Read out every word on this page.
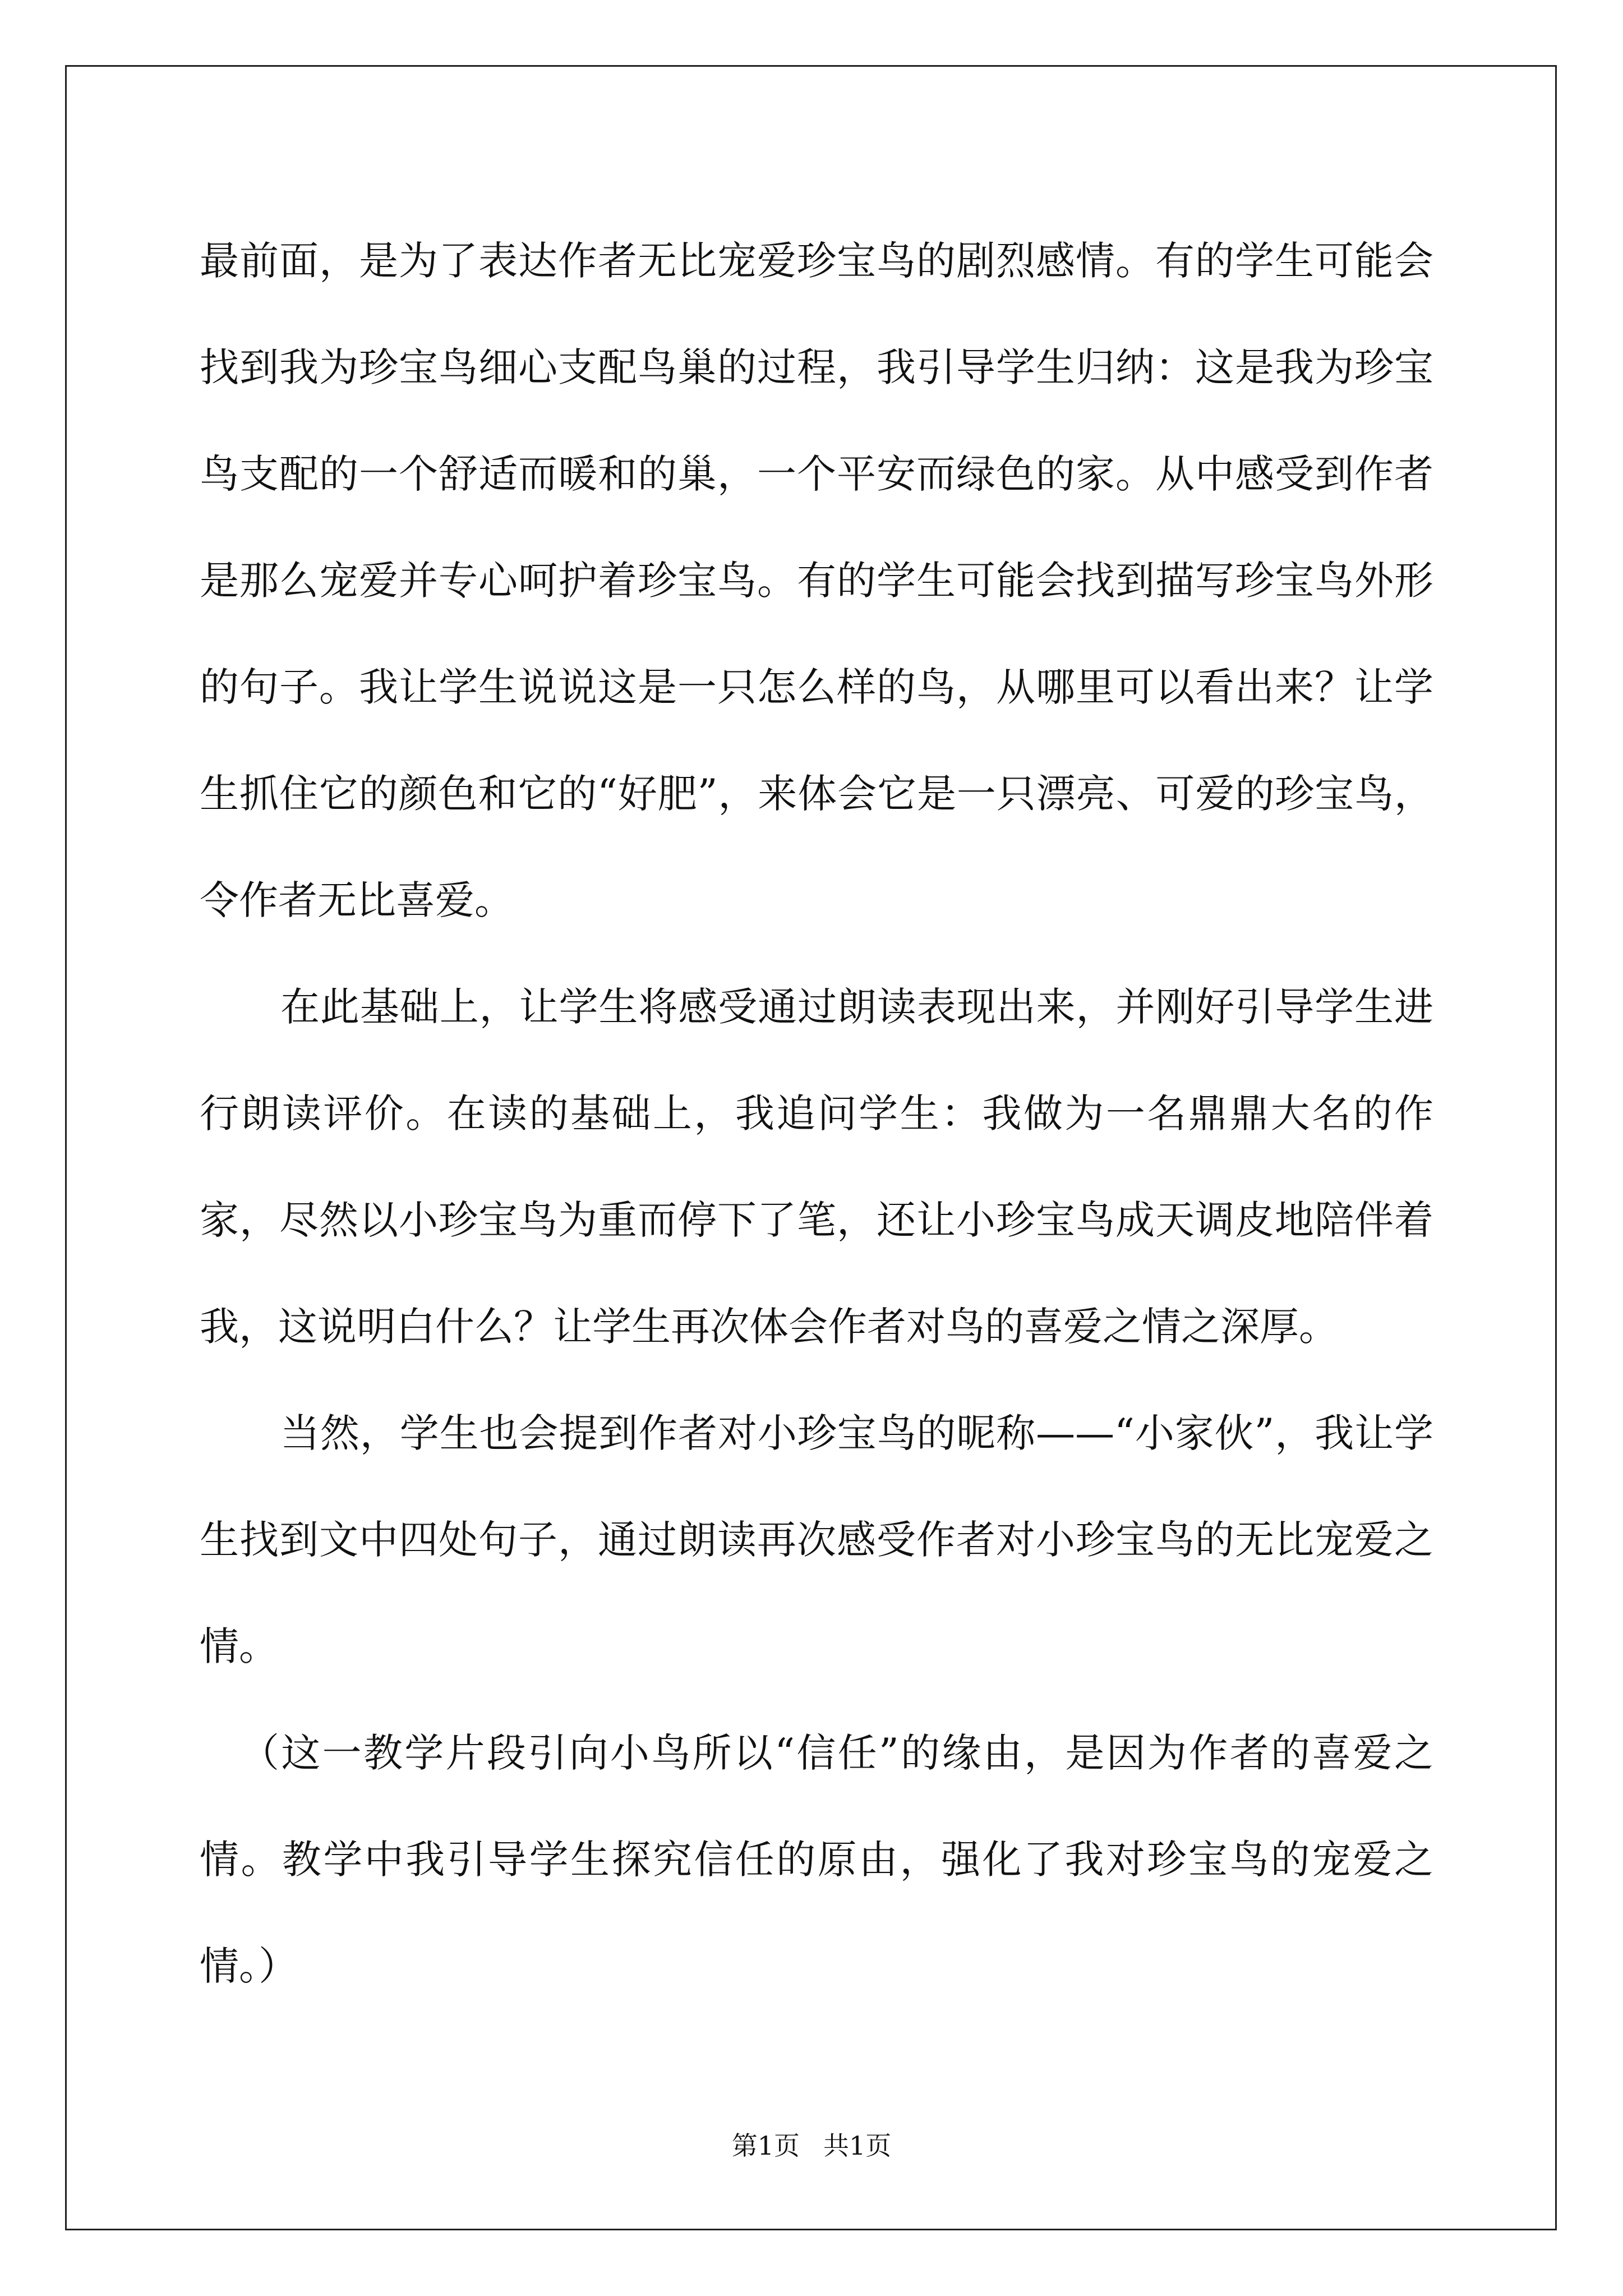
最前面，是为了表达作者无比宠爱珍宝鸟的剧烈感情。有的学生可能会找到我为珍宝鸟细心支配鸟巢的过程，我引导学生归纳：这是我为珍宝鸟支配的一个舒适而暖和的巢，一个平安而绿色的家。从中感受到作者是那么宠爱并专心呵护着珍宝鸟。有的学生可能会找到描写珍宝鸟外形的句子。我让学生说说这是一只怎么样的鸟，从哪里可以看出来？让学生抓住它的颜色和它的“好肥”，来体会它是一只漂亮、可爱的珍宝鸟，令作者无比喜爱。

在此基础上，让学生将感受通过朗读表现出来，并刚好引导学生进行朗读评价。在读的基础上，我追问学生：我做为一名鼎鼎大名的作家，尽然以小珍宝鸟为重而停下了笔，还让小珍宝鸟成天调皮地陪伴着我，这说明白什么？让学生再次体会作者对鸟的喜爱之情之深厚。

当然，学生也会提到作者对小珍宝鸟的昵称——“小家伙”，我让学生找到文中四处句子，通过朗读再次感受作者对小珍宝鸟的无比宠爱之情。

（这一教学片段引向小鸟所以“信任”的缘由，是因为作者的喜爱之情。教学中我引导学生探究信任的原由，强化了我对珍宝鸟的宠爱之情。）

第1页 共1页
